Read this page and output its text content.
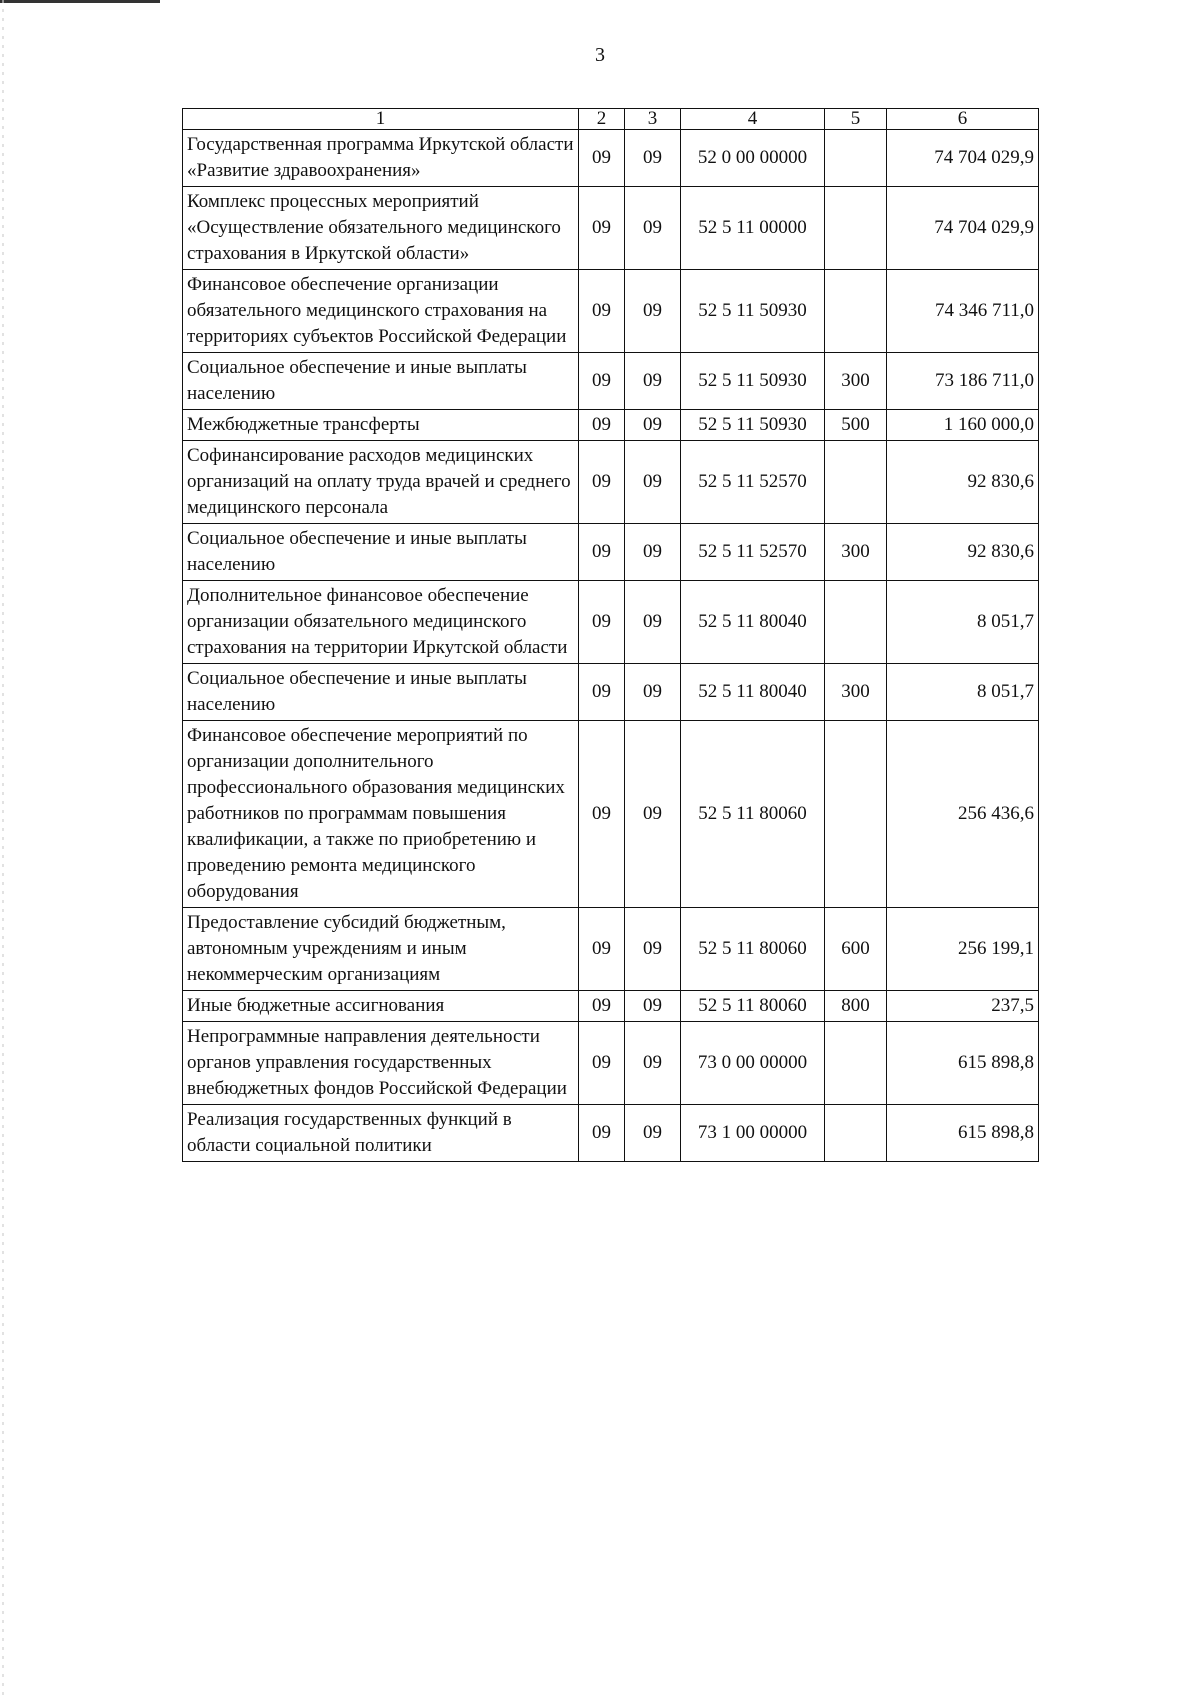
3
1	2	3	4	5	6
Государственная программа Иркутской области «Развитие здравоохранения»	09	09	52 0 00 00000		74 704 029,9
Комплекс процессных мероприятий «Осуществление обязательного медицинского страхования в Иркутской области»	09	09	52 5 11 00000		74 704 029,9
Финансовое обеспечение организации обязательного медицинского страхования на территориях субъектов Российской Федерации	09	09	52 5 11 50930		74 346 711,0
Социальное обеспечение и иные выплаты населению	09	09	52 5 11 50930	300	73 186 711,0
Межбюджетные трансферты	09	09	52 5 11 50930	500	1 160 000,0
Софинансирование расходов медицинских организаций на оплату труда врачей и среднего медицинского персонала	09	09	52 5 11 52570		92 830,6
Социальное обеспечение и иные выплаты населению	09	09	52 5 11 52570	300	92 830,6
Дополнительное финансовое обеспечение организации обязательного медицинского страхования на территории Иркутской области	09	09	52 5 11 80040		8 051,7
Социальное обеспечение и иные выплаты населению	09	09	52 5 11 80040	300	8 051,7
Финансовое обеспечение мероприятий по организации дополнительного профессионального образования медицинских работников по программам повышения квалификации, а также по приобретению и проведению ремонта медицинского оборудования	09	09	52 5 11 80060		256 436,6
Предоставление субсидий бюджетным, автономным учреждениям и иным некоммерческим организациям	09	09	52 5 11 80060	600	256 199,1
Иные бюджетные ассигнования	09	09	52 5 11 80060	800	237,5
Непрограммные направления деятельности органов управления государственных внебюджетных фондов Российской Федерации	09	09	73 0 00 00000		615 898,8
Реализация государственных функций в области социальной политики	09	09	73 1 00 00000		615 898,8
